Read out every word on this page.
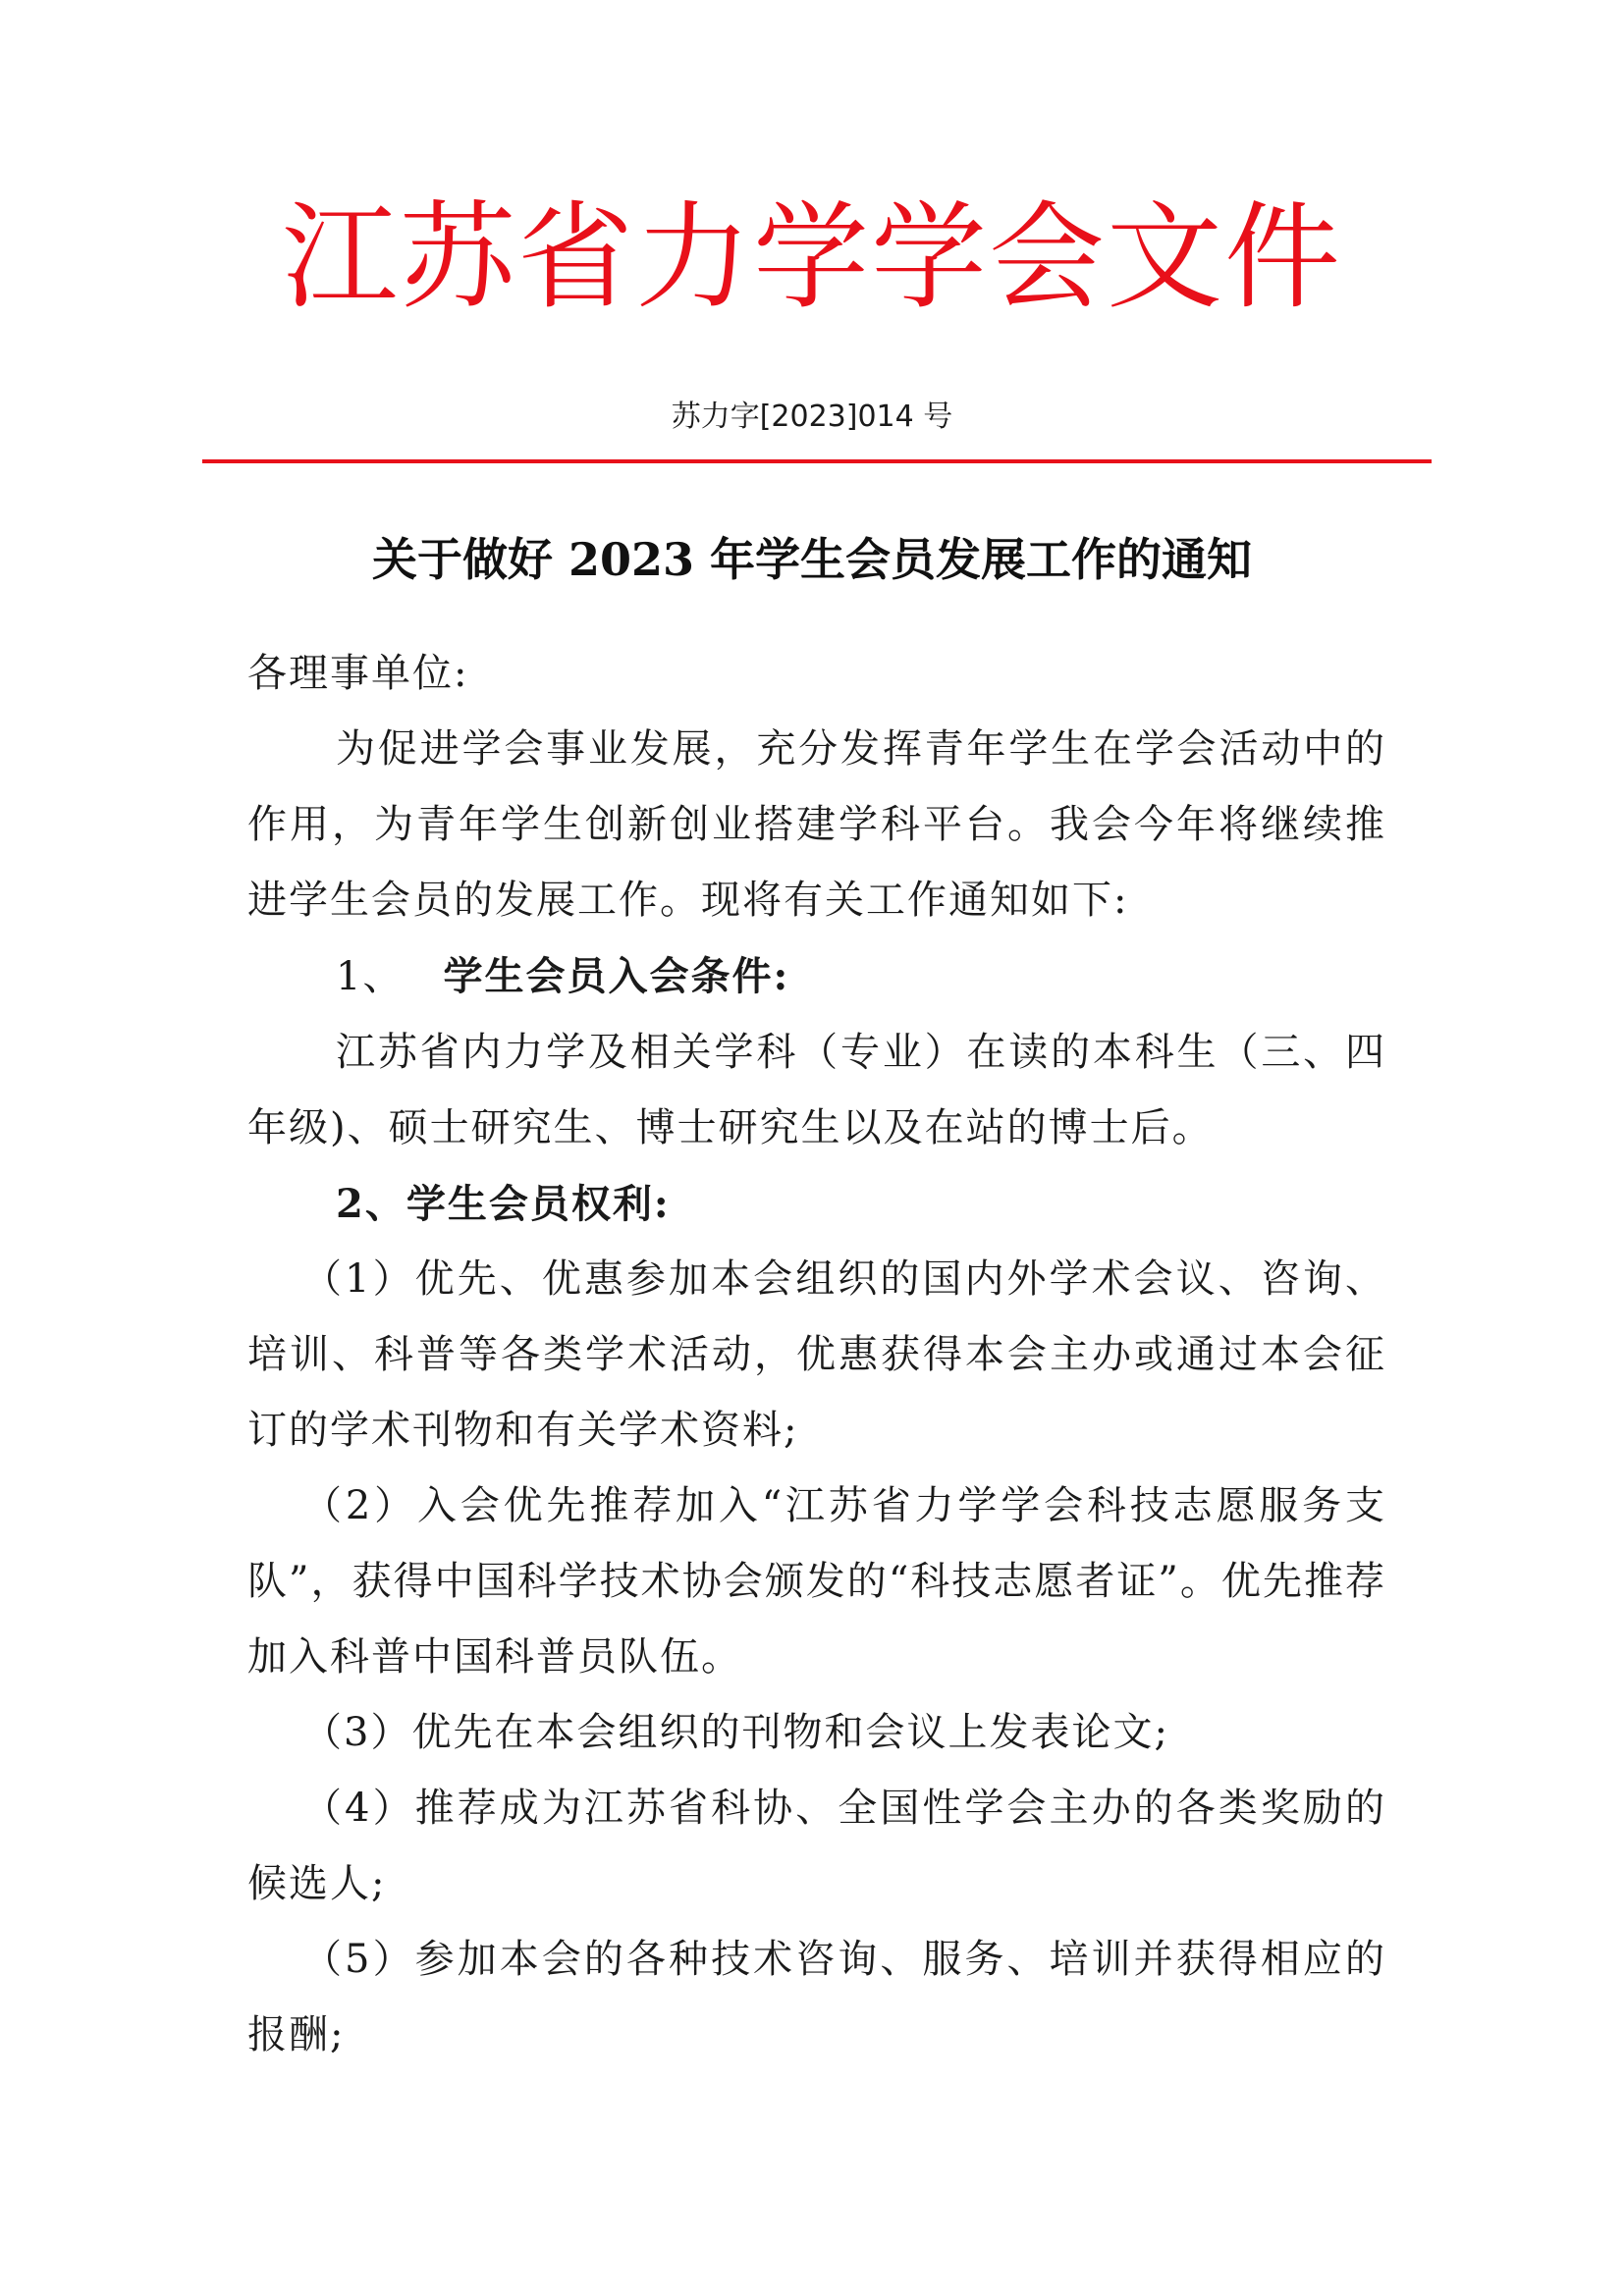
江苏省力学学会文件
苏力字[2023]014 号
关于做好 2023 年学生会员发展工作的通知

各理事单位:

为促进学会事业发展，充分发挥青年学生在学会活动中的作用，为青年学生创新创业搭建学科平台。我会今年将继续推进学生会员的发展工作。现将有关工作通知如下:

1、 学生会员入会条件:

江苏省内力学及相关学科（专业）在读的本科生（三、四年级)、硕士研究生、博士研究生以及在站的博士后。

2、学生会员权利:

（1）优先、优惠参加本会组织的国内外学术会议、咨询、培训、科普等各类学术活动，优惠获得本会主办或通过本会征订的学术刊物和有关学术资料;

（2）入会优先推荐加入“江苏省力学学会科技志愿服务支队”，获得中国科学技术协会颁发的“科技志愿者证”。优先推荐加入科普中国科普员队伍。

（3）优先在本会组织的刊物和会议上发表论文;

（4）推荐成为江苏省科协、全国性学会主办的各类奖励的候选人;

（5）参加本会的各种技术咨询、服务、培训并获得相应的报酬;
